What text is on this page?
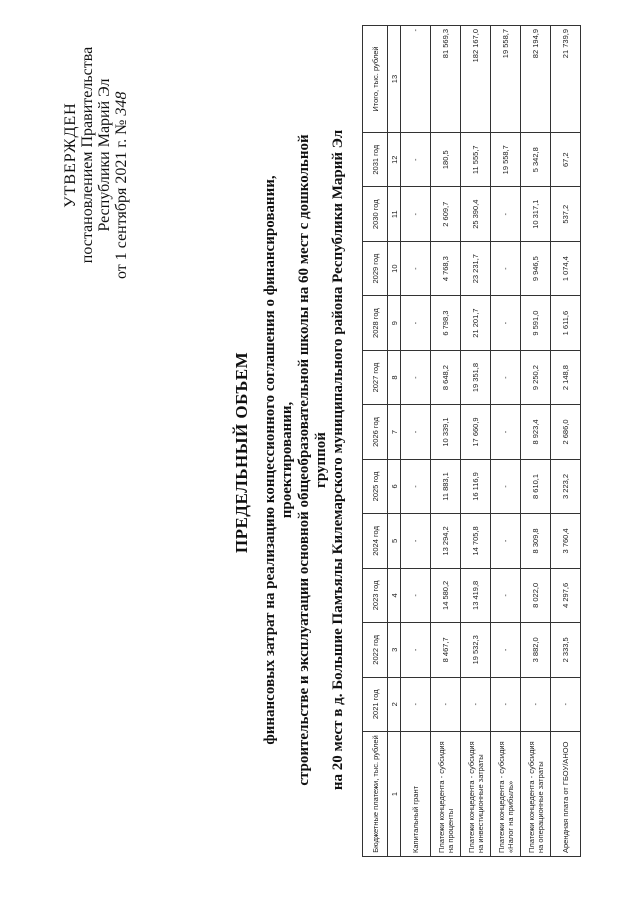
УТВЕРЖДЕН постановлением Правительства Республики Марий Эл
от 1 сентября 2021 г. № 348
ПРЕДЕЛЬНЫЙ ОБЪЕМ финансовых затрат на реализацию концессионного соглашения о финансировании, проектировании, строительстве и эксплуатации основной общеобразовательной школы на 60 мест с дошкольной группой на 20 мест в д. Большие Памъялы Килемарского муниципального района Республики Марий Эл
Бюджетные платежи, тыс. рублей	2021 год	2022 год	2023 год	2024 год	2025 год	2026 год	2027 год	2028 год	2029 год	2030 год	2031 год	Итого, тыс. рублей
1	2	3	4	5	6	7	8	9	10	11	12	13
Капитальный грант	-	-	-	-	-	-	-	-	-	-	-	-
Платежи концедента - субсидия на проценты	-	8 467,7	14 580,2	13 294,2	11 883,1	10 339,1	8 648,2	6 798,3	4 768,3	2 609,7	180,5	81 569,3
Платежи концедента - субсидия на инвестиционные затраты	-	19 532,3	13 419,8	14 705,8	16 116,9	17 660,9	19 351,8	21 201,7	23 231,7	25 390,4	11 555,7	182 167,0
Платежи концедента - субсидия «Налог на прибыль»	-	-	-	-	-	-	-	-	-	-	19 558,7	19 558,7
Платежи концедента - субсидия на операционные затраты	-	3 882,0	8 022,0	8 309,8	8 610,1	8 923,4	9 250,2	9 591,0	9 946,5	10 317,1	5 342,8	82 194,9
Арендная плата от ГБОУ/АНОО	-	2 333,5	4 297,6	3 760,4	3 223,2	2 686,0	2 148,8	1 611,6	1 074,4	537,2	67,2	21 739,9
